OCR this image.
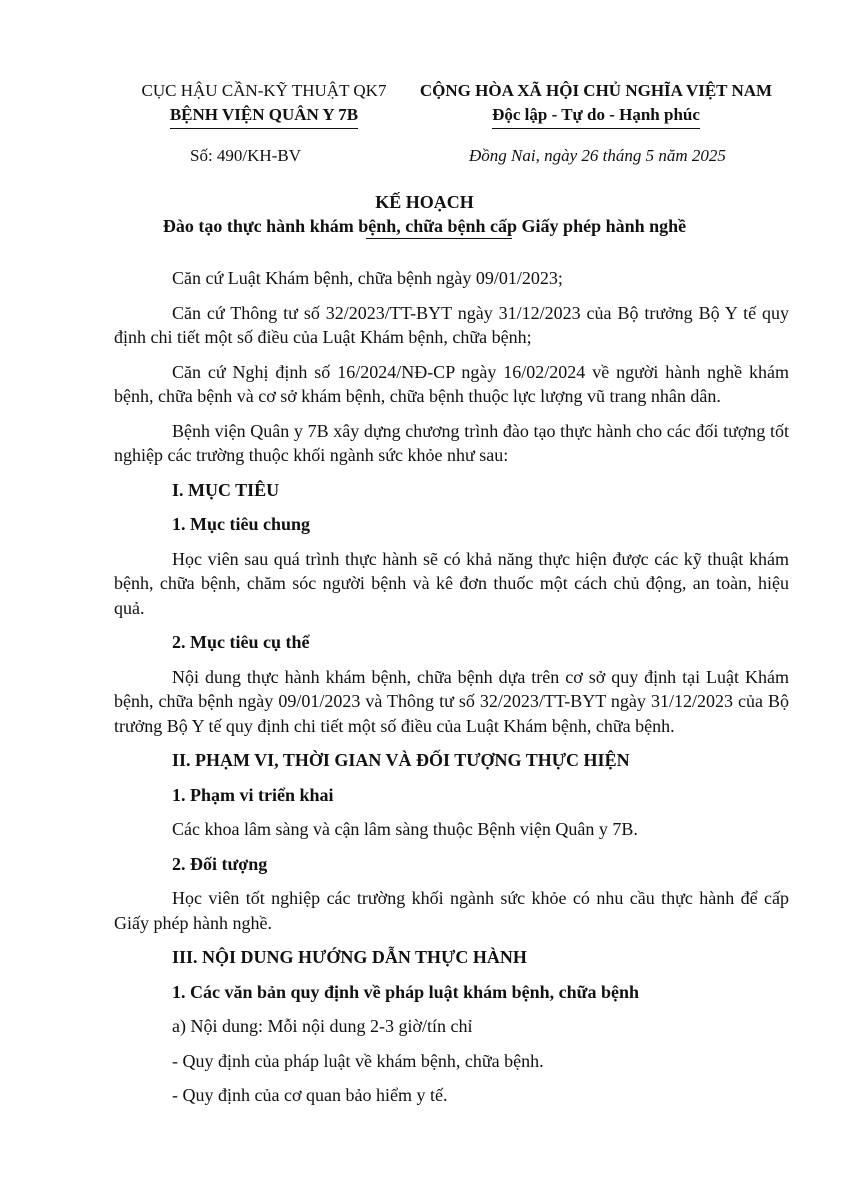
CỤC HẬU CẦN-KỸ THUẬT QK7
BỆNH VIỆN QUÂN Y 7B
CỘNG HÒA XÃ HỘI CHỦ NGHĨA VIỆT NAM
Độc lập - Tự do - Hạnh phúc
Số: 490/KH-BV	Đồng Nai, ngày 26 tháng 5 năm 2025
KẾ HOẠCH
Đào tạo thực hành khám bệnh, chữa bệnh cấp Giấy phép hành nghề

Căn cứ Luật Khám bệnh, chữa bệnh ngày 09/01/2023;

Căn cứ Thông tư số 32/2023/TT-BYT ngày 31/12/2023 của Bộ trưởng Bộ Y tế quy định chi tiết một số điều của Luật Khám bệnh, chữa bệnh;

Căn cứ Nghị định số 16/2024/NĐ-CP ngày 16/02/2024 về người hành nghề khám bệnh, chữa bệnh và cơ sở khám bệnh, chữa bệnh thuộc lực lượng vũ trang nhân dân.

Bệnh viện Quân y 7B xây dựng chương trình đào tạo thực hành cho các đối tượng tốt nghiệp các trường thuộc khối ngành sức khỏe như sau:

I. MỤC TIÊU
1. Mục tiêu chung

Học viên sau quá trình thực hành sẽ có khả năng thực hiện được các kỹ thuật khám bệnh, chữa bệnh, chăm sóc người bệnh và kê đơn thuốc một cách chủ động, an toàn, hiệu quả.

2. Mục tiêu cụ thể

Nội dung thực hành khám bệnh, chữa bệnh dựa trên cơ sở quy định tại Luật Khám bệnh, chữa bệnh ngày 09/01/2023 và Thông tư số 32/2023/TT-BYT ngày 31/12/2023 của Bộ trưởng Bộ Y tế quy định chi tiết một số điều của Luật Khám bệnh, chữa bệnh.

II. PHẠM VI, THỜI GIAN VÀ ĐỐI TƯỢNG THỰC HIỆN
1. Phạm vi triển khai

Các khoa lâm sàng và cận lâm sàng thuộc Bệnh viện Quân y 7B.

2. Đối tượng

Học viên tốt nghiệp các trường khối ngành sức khỏe có nhu cầu thực hành để cấp Giấy phép hành nghề.

III. NỘI DUNG HƯỚNG DẪN THỰC HÀNH
1. Các văn bản quy định về pháp luật khám bệnh, chữa bệnh
a) Nội dung: Mỗi nội dung 2-3 giờ/tín chỉ
- Quy định của pháp luật về khám bệnh, chữa bệnh.
- Quy định của cơ quan bảo hiểm y tế.
